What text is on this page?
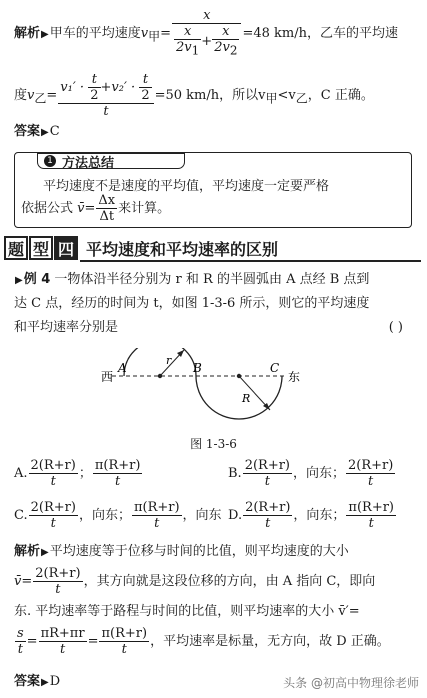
解析▶甲车的平均速度$v_甲= \frac{x}{\frac{x}{2v_1} + \frac{x}{2v_2}} =48$ km/h，乙车的平均速
度$v_乙= \frac{v_1' \cdot \frac{t}{2} +v_2' \cdot \frac{t}{2}}{t} =50$ km/h，所以$v_甲<v_乙$，C 正确。
答案▶C
1 方法总结
平均速度不是速度的平均值，平均速度一定要严格
依据公式 v̄= $\frac{\Delta x}{\Delta t}$ 来计算。
题 型 四 平均速度和平均速率的区别
▶例 4 一物体沿半径分别为 r 和 R 的半圆弧由 A 点经 B 点到
达 C 点，经历的时间为 t，如图 1-3-6 所示，则它的平均速度
和平均速率分别是	( )
西
A	B	C
东
r
R
图 1-3-6
A. $\frac{2(R+r)}{t}$ ； $\frac{\pi(R+r)}{t}$	B. $\frac{2(R+r)}{t}$ ，向东； $\frac{2(R+r)}{t}$
C. $\frac{2(R+r)}{t}$ ，向东； $\frac{\pi(R+r)}{t}$ ，向东 D. $\frac{2(R+r)}{t}$ ，向东； $\frac{\pi(R+r)}{t}$
解析▶平均速度等于位移与时间的比值，则平均速度的大小
v̄= $\frac{2(R+r)}{t}$ ，其方向就是这段位移的方向，由 A 指向 C，即向
东. 平均速率等于路程与时间的比值，则平均速率的大小 v̄′=
$\frac{s}{t} = \frac{\pi R+\pi r}{t} = \frac{\pi(R+r)}{t}$ ，平均速率是标量，无方向，故 D 正确。
答案▶D	头条 @初高中物理徐老师
